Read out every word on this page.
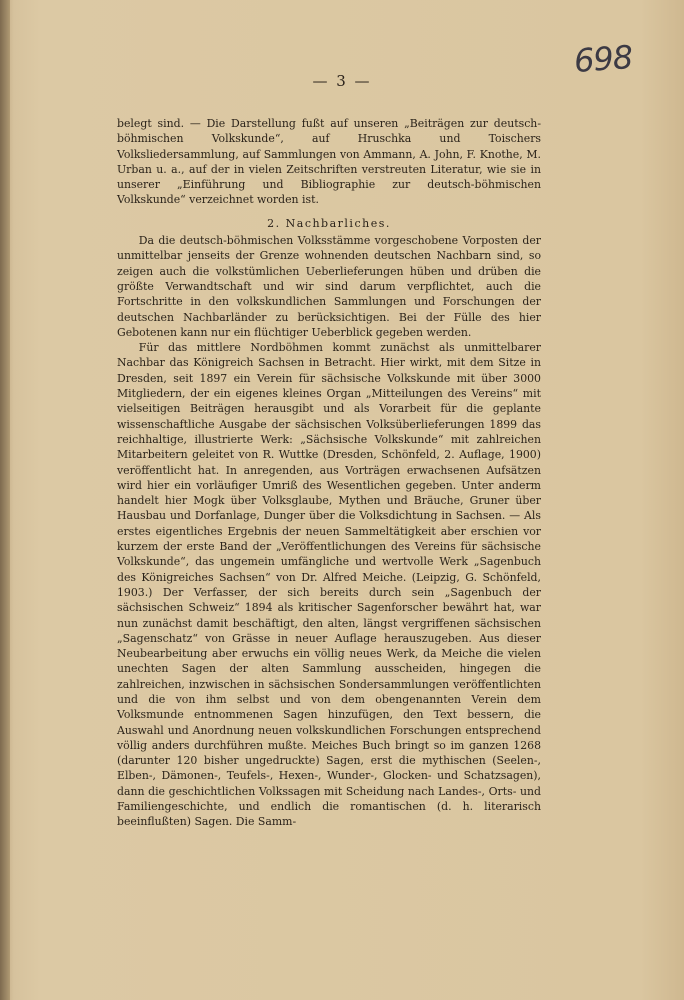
— 3 —
698

belegt sind. — Die Darstellung fußt auf unseren „Beiträgen zur deutsch-böhmischen Volkskunde“, auf Hruschka und Toischers Volksliedersammlung, auf Sammlungen von Ammann, A. John, F. Knothe, M. Urban u. a., auf der in vielen Zeitschriften verstreuten Literatur, wie sie in unserer „Einführung und Bibliographie zur deutsch-böhmischen Volkskunde“ verzeichnet worden ist.

2. Nachbarliches.

Da die deutsch-böhmischen Volksstämme vorgeschobene Vorposten der unmittelbar jenseits der Grenze wohnenden deutschen Nachbarn sind, so zeigen auch die volkstümlichen Ueberlieferungen hüben und drüben die größte Verwandtschaft und wir sind darum verpflichtet, auch die Fortschritte in den volkskundlichen Sammlungen und Forschungen der deutschen Nachbarländer zu berücksichtigen. Bei der Fülle des hier Gebotenen kann nur ein flüchtiger Ueberblick gegeben werden.

Für das mittlere Nordböhmen kommt zunächst als unmittelbarer Nachbar das Königreich Sachsen in Betracht. Hier wirkt, mit dem Sitze in Dresden, seit 1897 ein Verein für sächsische Volkskunde mit über 3000 Mitgliedern, der ein eigenes kleines Organ „Mitteilungen des Vereins“ mit vielseitigen Beiträgen herausgibt und als Vorarbeit für die geplante wissenschaftliche Ausgabe der sächsischen Volksüberlieferungen 1899 das reichhaltige, illustrierte Werk: „Sächsische Volkskunde“ mit zahlreichen Mitarbeitern geleitet von R. Wuttke (Dresden, Schönfeld, 2. Auflage, 1900) veröffentlicht hat. In anregenden, aus Vorträgen erwachsenen Aufsätzen wird hier ein vorläufiger Umriß des Wesentlichen gegeben. Unter anderm handelt hier Mogk über Volksglaube, Mythen und Bräuche, Gruner über Hausbau und Dorfanlage, Dunger über die Volksdichtung in Sachsen. — Als erstes eigentliches Ergebnis der neuen Sammeltätigkeit aber erschien vor kurzem der erste Band der „Veröffentlichungen des Vereins für sächsische Volkskunde“, das ungemein umfängliche und wertvolle Werk „Sagenbuch des Königreiches Sachsen“ von Dr. Alfred Meiche. (Leipzig, G. Schönfeld, 1903.) Der Verfasser, der sich bereits durch sein „Sagenbuch der sächsischen Schweiz“ 1894 als kritischer Sagenforscher bewährt hat, war nun zunächst damit beschäftigt, den alten, längst vergriffenen sächsischen „Sagenschatz“ von Grässe in neuer Auflage herauszugeben. Aus dieser Neubearbeitung aber erwuchs ein völlig neues Werk, da Meiche die vielen unechten Sagen der alten Sammlung ausscheiden, hingegen die zahlreichen, inzwischen in sächsischen Sondersammlungen veröffentlichten und die von ihm selbst und von dem obengenannten Verein dem Volksmunde entnommenen Sagen hinzufügen, den Text bessern, die Auswahl und Anordnung neuen volkskundlichen Forschungen entsprechend völlig anders durchführen mußte. Meiches Buch bringt so im ganzen 1268 (darunter 120 bisher ungedruckte) Sagen, erst die mythischen (Seelen-, Elben-, Dämonen-, Teufels-, Hexen-, Wunder-, Glocken- und Schatzsagen), dann die geschichtlichen Volkssagen mit Scheidung nach Landes-, Orts- und Familiengeschichte, und endlich die romantischen (d. h. literarisch beeinflußten) Sagen. Die Samm-
